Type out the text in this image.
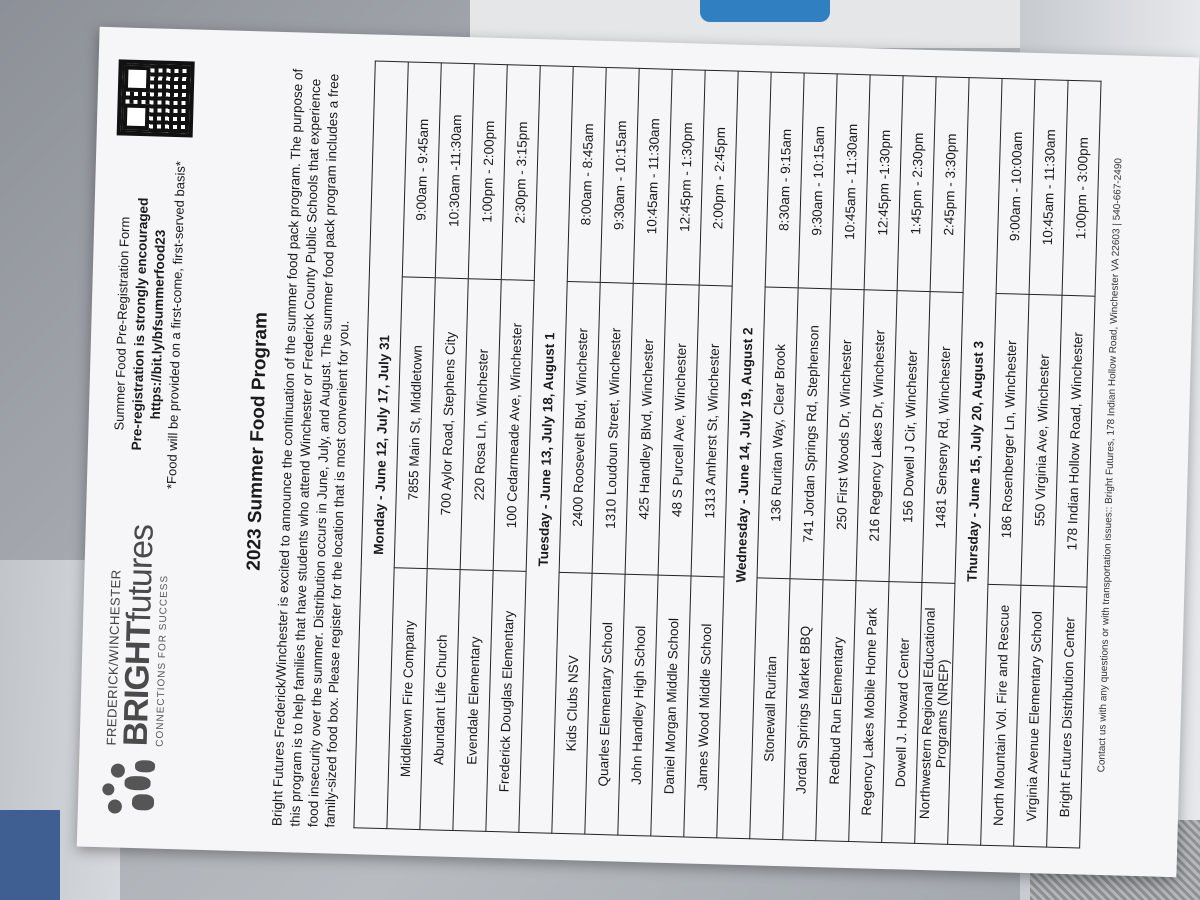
FREDERICK/WINCHESTER
BRIGHTfutures
CONNECTIONS FOR SUCCESS
Summer Food Pre-Registration Form
Pre-registration is strongly encouraged
https://bit.ly/bfsummerfood23
*Food will be provided on a first-come, first-served basis*	2023 Summer Food Program
Bright Futures Frederick/Winchester is excited to announce the continuation of the summer food pack program. The purpose of this program is to help families that have students who attend Winchester or Frederick County Public Schools that experience food insecurity over the summer. Distribution occurs in June, July, and August. The summer food pack program includes a free family-sized food box. Please register for the location that is most convenient for you.	Monday - June 12, July 17, July 31		
Middletown Fire Company	7855 Main St, Middletown	9:00am - 9:45am
Abundant Life Church	700 Aylor Road, Stephens City	10:30am -11:30am
Evendale Elementary	220 Rosa Ln, Winchester	1:00pm - 2:00pm
Frederick Douglas Elementary	100 Cedarmeade Ave, Winchester	2:30pm - 3:15pm
Tuesday - June 13, July 18, August 1		
Kids Clubs NSV	2400 Roosevelt Blvd, Winchester	8:00am - 8:45am
Quarles Elementary School	1310 Loudoun Street, Winchester	9:30am - 10:15am
John Handley High School	425 Handley Blvd, Winchester	10:45am - 11:30am
Daniel Morgan Middle School	48 S Purcell Ave, Winchester	12:45pm - 1:30pm
James Wood Middle School	1313 Amherst St, Winchester	2:00pm - 2:45pm
Wednesday - June 14, July 19, August 2		
Stonewall Ruritan	136 Ruritan Way, Clear Brook	8:30am - 9:15am
Jordan Springs Market BBQ	741 Jordan Springs Rd, Stephenson	9:30am - 10:15am
Redbud Run Elementary	250 First Woods Dr, Winchester	10:45am - 11:30am
Regency Lakes Mobile Home Park	216 Regency Lakes Dr, Winchester	12:45pm -1:30pm
Dowell J. Howard Center	156 Dowell J Cir, Winchester	1:45pm - 2:30pm
Northwestern Regional Educational Programs (NREP)	1481 Senseny Rd, Winchester	2:45pm - 3:30pm
Thursday - June 15, July 20, August 3		
North Mountain Vol. Fire and Rescue	186 Rosenberger Ln, Winchester	9:00am - 10:00am
Virginia Avenue Elementary School	550 Virginia Ave, Winchester	10:45am - 11:30am
Bright Futures Distribution Center	178 Indian Hollow Road, Winchester	1:00pm - 3:00pm Contact us with any questions or with transportation issues:: Bright Futures, 178 Indian Hollow Road, Winchester VA 22603 | 540-667-2490
